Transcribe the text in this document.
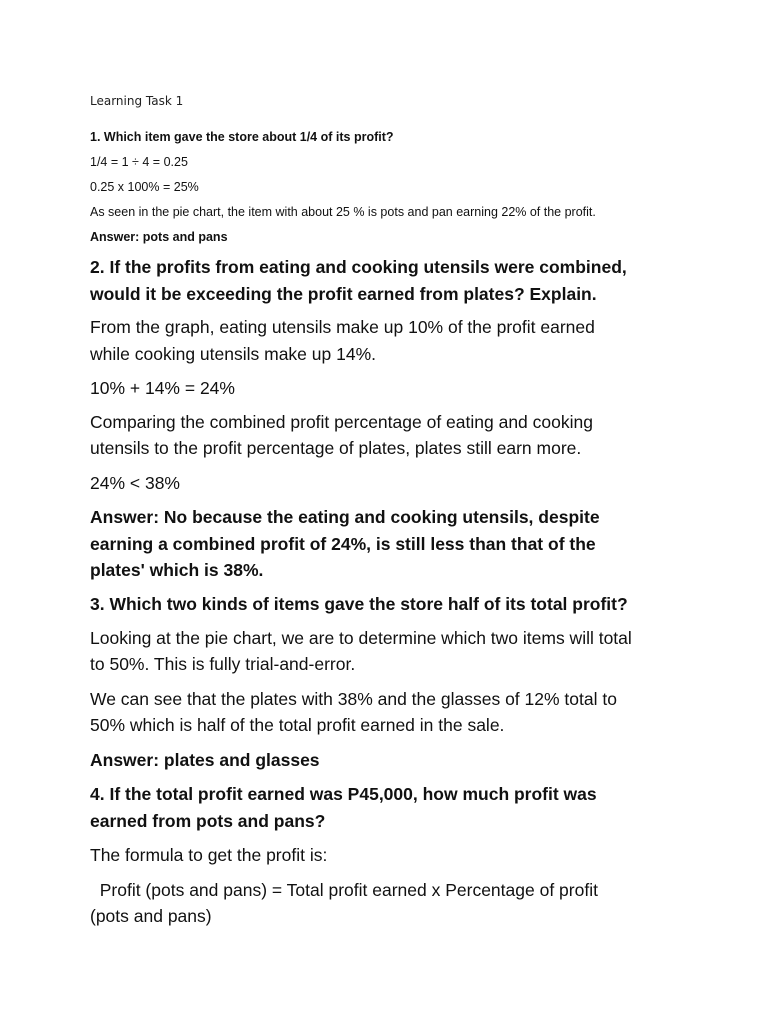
Learning Task 1

1. Which item gave the store about 1/4 of its profit?

1/4 = 1 ÷ 4 = 0.25

0.25 x 100% = 25%

As seen in the pie chart, the item with about 25 % is pots and pan earning 22% of the profit.

Answer: pots and pans

2. If the profits from eating and cooking utensils were combined,

would it be exceeding the profit earned from plates? Explain.

From the graph, eating utensils make up 10% of the profit earned

while cooking utensils make up 14%.

10% + 14% = 24%

Comparing the combined profit percentage of eating and cooking

utensils to the profit percentage of plates, plates still earn more.

24% < 38%

Answer: No because the eating and cooking utensils, despite

earning a combined profit of 24%, is still less than that of the

plates' which is 38%.

3. Which two kinds of items gave the store half of its total profit?

Looking at the pie chart, we are to determine which two items will total

to 50%. This is fully trial-and-error.

We can see that the plates with 38% and the glasses of 12% total to

50% which is half of the total profit earned in the sale.

Answer: plates and glasses

4. If the total profit earned was P45,000, how much profit was

earned from pots and pans?

The formula to get the profit is:

Profit (pots and pans) = Total profit earned x Percentage of profit

(pots and pans)
